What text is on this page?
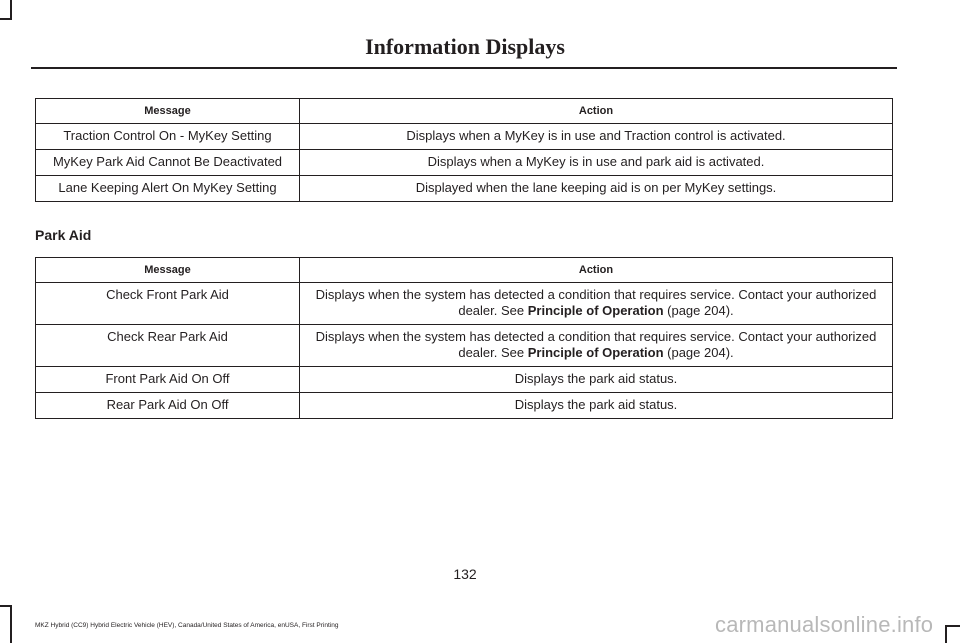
Information Displays
Message	Action
Traction Control On - MyKey Setting	Displays when a MyKey is in use and Traction control is activated.
MyKey Park Aid Cannot Be Deactivated	Displays when a MyKey is in use and park aid is activated.
Lane Keeping Alert On MyKey Setting	Displayed when the lane keeping aid is on per MyKey settings.
Park Aid
Message	Action
Check Front Park Aid	Displays when the system has detected a condition that requires service. Contact your authorized dealer. See Principle of Operation (page 204).
Check Rear Park Aid	Displays when the system has detected a condition that requires service. Contact your authorized dealer. See Principle of Operation (page 204).
Front Park Aid On Off	Displays the park aid status.
Rear Park Aid On Off	Displays the park aid status.
132
MKZ Hybrid (CC9) Hybrid Electric Vehicle (HEV), Canada/United States of America, enUSA, First Printing	carmanualsonline.info
